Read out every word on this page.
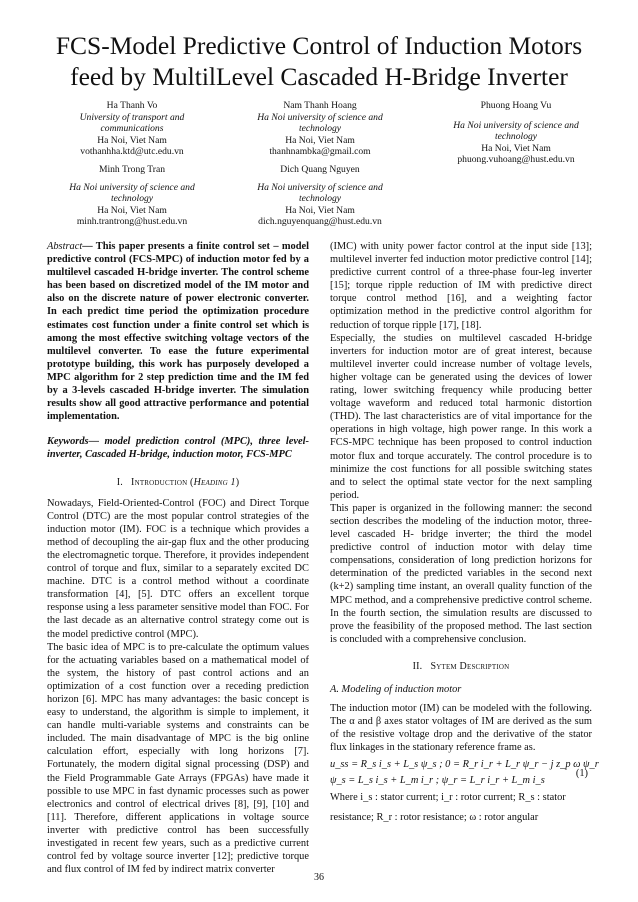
FCS-Model Predictive Control of Induction Motors feed by MultilLevel Cascaded H-Bridge Inverter
Ha Thanh Vo
University of transport and
communications
Ha Noi, Viet Nam
vothanhha.ktd@utc.edu.vn
Nam Thanh Hoang
Ha Noi university of science and
technology
Ha Noi, Viet Nam
thanhnambka@gmail.com
Phuong Hoang Vu
Ha Noi university of science and
technology
Ha Noi, Viet Nam
phuong.vuhoang@hust.edu.vn
Minh Trong Tran
Ha Noi university of science and
technology
Ha Noi, Viet Nam
minh.trantrong@hust.edu.vn
Dich Quang Nguyen
Ha Noi university of science and
technology
Ha Noi, Viet Nam
dich.nguyenquang@hust.edu.vn

Abstract— This paper presents a finite control set – model predictive control (FCS-MPC) of induction motor fed by a multilevel cascaded H-bridge inverter. The control scheme has been based on discretized model of the IM motor and also on the discrete nature of power electronic converter. In each predict time period the optimization procedure estimates cost function under a finite control set which is among the most effective switching voltage vectors of the multilevel converter. To ease the future experimental prototype building, this work has purposely developed a MPC algorithm for 2 step prediction time and the IM fed by a 3-levels cascaded H-bridge inverter. The simulation results show all good attractive performance and potential implementation.

Keywords— model prediction control (MPC), three level-inverter, Cascaded H-bridge, induction motor, FCS-MPC

I. Introduction (Heading 1)

Nowadays, Field-Oriented-Control (FOC) and Direct Torque Control (DTC) are the most popular control strategies of the induction motor (IM). FOC is a technique which provides a method of decoupling the air-gap flux and the other producing the electromagnetic torque. Therefore, it provides independent control of torque and flux, similar to a separately excited DC machine. DTC is a control method without a coordinate transformation [4], [5]. DTC offers an excellent torque response using a less parameter sensitive model than FOC. For the last decade as an alternative control strategy come out is the model predictive control (MPC).

The basic idea of MPC is to pre-calculate the optimum values for the actuating variables based on a mathematical model of the system, the history of past control actions and an optimization of a cost function over a receding prediction horizon [6]. MPC has many advantages: the basic concept is easy to understand, the algorithm is simple to implement, it can handle multi-variable systems and constraints can be included. The main disadvantage of MPC is the big online calculation effort, especially with long horizons [7]. Fortunately, the modern digital signal processing (DSP) and the Field Programmable Gate Arrays (FPGAs) have made it possible to use MPC in fast dynamic processes such as power electronics and control of electrical drives [8], [9], [10] and [11]. Therefore, different applications in voltage source inverter with predictive control has been successfully investigated in recent few years, such as a predictive current control fed by voltage source inverter [12]; predictive torque and flux control of IM fed by indirect matrix converter

(IMC) with unity power factor control at the input side [13]; multilevel inverter fed induction motor predictive control [14]; predictive current control of a three-phase four-leg inverter [15]; torque ripple reduction of IM with predictive direct torque control method [16], and a weighting factor optimization method in the predictive control algorithm for reduction of torque ripple [17], [18].

Especially, the studies on multilevel cascaded H-bridge inverters for induction motor are of great interest, because multilevel inverter could increase number of voltage levels, higher voltage can be generated using the devices of lower rating, lower switching frequency while producing better voltage waveform and reduced total harmonic distortion (THD). The last characteristics are of vital importance for the operations in high voltage, high power range. In this work a FCS-MPC technique has been proposed to control induction motor flux and torque accurately. The control procedure is to minimize the cost functions for all possible switching states and to select the optimal state vector for the next sampling period.

This paper is organized in the following manner: the second section describes the modeling of the induction motor, three-level cascaded H- bridge inverter; the third the model predictive control of induction motor with delay time compensations, consideration of long prediction horizons for determination of the predicted variables in the second next (k+2) sampling time instant, an overall quality function of the MPC method, and a comprehensive predictive control scheme. In the fourth section, the simulation results are discussed to prove the feasibility of the proposed method. The last section is concluded with a comprehensive conclusion.

II. Sytem Description

A. Modeling of induction motor

The induction motor (IM) can be modeled with the following. The α and β axes stator voltages of IM are derived as the sum of the resistive voltage drop and the derivative of the stator flux linkages in the stationary reference frame as.

u_ss = R_s i_s + L_s ψ_s ; 0 = R_r i_r + L_r ψ_r − j z_p ω ψ_r
ψ_s = L_s i_s + L_m i_r ; ψ_r = L_r i_r + L_m i_s
(1)

Where i_s : stator current; i_r : rotor current; R_s : stator

resistance; R_r : rotor resistance; ω : rotor angular

36
